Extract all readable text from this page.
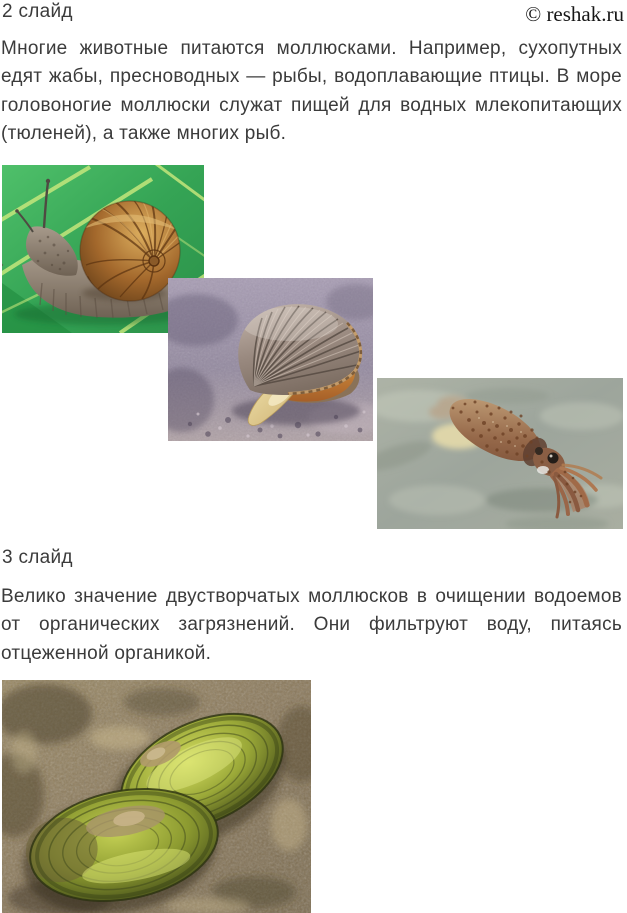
2 слайд	© reshak.ru
Многие животные питаются моллюсками. Например, сухопутных
едят жабы, пресноводных — рыбы, водоплавающие птицы. В море
головоногие моллюски служат пищей для водных млекопитающих
(тюленей), а также многих рыб.
3 слайд
Велико значение двустворчатых моллюсков в очищении водоемов
от органических загрязнений. Они фильтруют воду, питаясь
отцеженной органикой.
